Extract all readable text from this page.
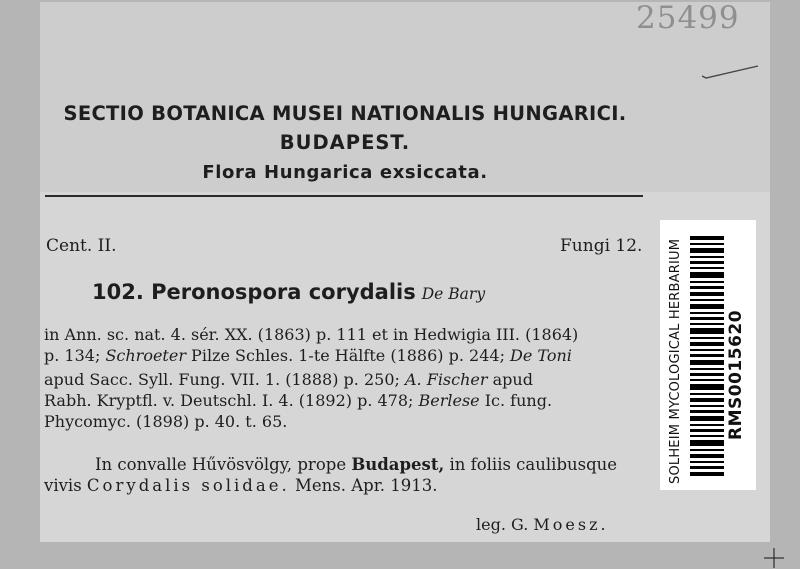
25499
SECTIO BOTANICA MUSEI NATIONALIS HUNGARICI.
BUDAPEST.
Flora Hungarica exsiccata.
Cent. II.	Fungi 12.
102. Peronospora corydalis De Bary
in Ann. sc. nat. 4. sér. XX. (1863) p. 111 et in Hedwigia III. (1864)
p. 134; Schroeter Pilze Schles. 1-te Hälfte (1886) p. 244; De Toni
apud Sacc. Syll. Fung. VII. 1. (1888) p. 250; A. Fischer apud
Rabh. Kryptfl. v. Deutschl. I. 4. (1892) p. 478; Berlese Ic. fung.
Phycomyc. (1898) p. 40. t. 65.
In convalle Hűvösvölgy, prope Budapest, in foliis caulibusque
vivis Corydalis solidae. Mens. Apr. 1913.
leg. G. Moesz.
SOLHEIM MYCOLOGICAL HERBARIUM	RMS0015620
